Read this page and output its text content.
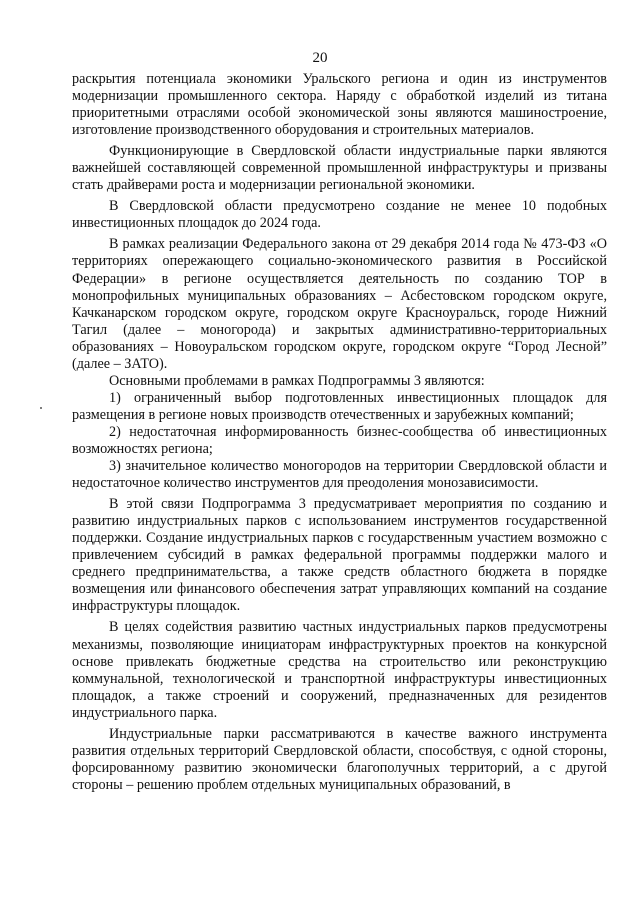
20

раскрытия потенциала экономики Уральского региона и один из инструментов модернизации промышленного сектора. Наряду с обработкой изделий из титана приоритетными отраслями особой экономической зоны являются машиностроение, изготовление производственного оборудования и строительных материалов.

Функционирующие в Свердловской области индустриальные парки являются важнейшей составляющей современной промышленной инфраструктуры и призваны стать драйверами роста и модернизации региональной экономики.

В Свердловской области предусмотрено создание не менее 10 подобных инвестиционных площадок до 2024 года.

В рамках реализации Федерального закона от 29 декабря 2014 года № 473-ФЗ «О территориях опережающего социально-экономического развития в Российской Федерации» в регионе осуществляется деятельность по созданию ТОР в монопрофильных муниципальных образованиях – Асбестовском городском округе, Качканарском городском округе, городском округе Красноуральск, городе Нижний Тагил (далее – моногорода) и закрытых административно-территориальных образованиях – Новоуральском городском округе, городском округе “Город Лесной” (далее – ЗАТО).

Основными проблемами в рамках Подпрограммы 3 являются:

1) ограниченный выбор подготовленных инвестиционных площадок для размещения в регионе новых производств отечественных и зарубежных компаний;

2) недостаточная информированность бизнес-сообщества об инвестиционных возможностях региона;

3) значительное количество моногородов на территории Свердловской области и недостаточное количество инструментов для преодоления монозависимости.

В этой связи Подпрограмма 3 предусматривает мероприятия по созданию и развитию индустриальных парков с использованием инструментов государственной поддержки. Создание индустриальных парков с государственным участием возможно с привлечением субсидий в рамках федеральной программы поддержки малого и среднего предпринимательства, а также средств областного бюджета в порядке возмещения или финансового обеспечения затрат управляющих компаний на создание инфраструктуры площадок.

В целях содействия развитию частных индустриальных парков предусмотрены механизмы, позволяющие инициаторам инфраструктурных проектов на конкурсной основе привлекать бюджетные средства на строительство или реконструкцию коммунальной, технологической и транспортной инфраструктуры инвестиционных площадок, а также строений и сооружений, предназначенных для резидентов индустриального парка.

Индустриальные парки рассматриваются в качестве важного инструмента развития отдельных территорий Свердловской области, способствуя, с одной стороны, форсированному развитию экономически благополучных территорий, а с другой стороны – решению проблем отдельных муниципальных образований, в
